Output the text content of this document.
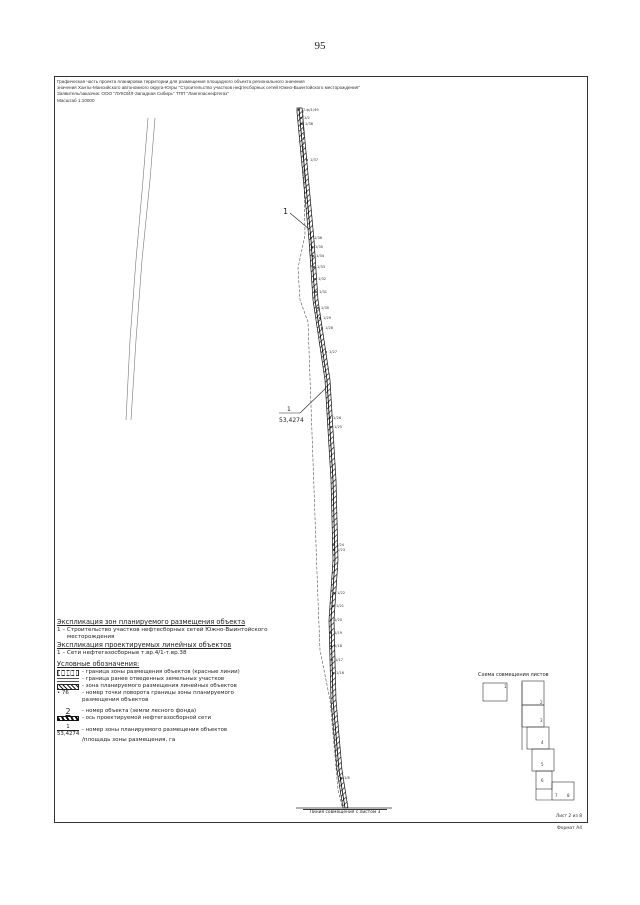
95
Графическая часть проекта планировки территории для размещения площадного объекта регионального значения
значения Ханты-Мансийского автономного округа-Югры "Строительство участков нефтесборных сетей Южно-Выинтойского месторождения"
Заявитель/заказчик: ООО "ЛУКОЙЛ-Западная Сибирь" ТПП "Лангепаснефтегаз"
Масштаб 1:10000
Т.ф/1/49
1/2
1/38
1/37
1/36
1/35
1/34
1/33
1/32
1/31
1/30
1/29
1/28
1/27
1/26
1/25
1/24
1/23
1/22
1/21
1/20
1/19
1/18
1/17
1/16
1/8
1
1
53,4274
1
2
3
4
5
6
7 8
Экспликация зон планируемого размещения объекта
1 – Строительство участков нефтесборных сетей Южно-Выинтойского
месторождения
Экспликация проектируемых линейных объектов
1 – Сети нефтегазосборные т.вр.4/1-т.вр.38
Условные обозначения:
- граница зоны размещения объектов (красные линии)
- граница ранее отведенных земельных участков
- зона планируемого размещения линейных объектов
• 76	- номер точки поворота границы зоны планируемого
размещения объектов
2	- номер объекта (земли лесного фонда)
- ось проектируемой нефтегазосборной сети
1
53,4274
- номер зоны планируемого размещения объектов
/площадь зоны размещения, га
Схема совмещения листов
Линия совмещения с листом 3
Лист 2 из 8
Формат А4
